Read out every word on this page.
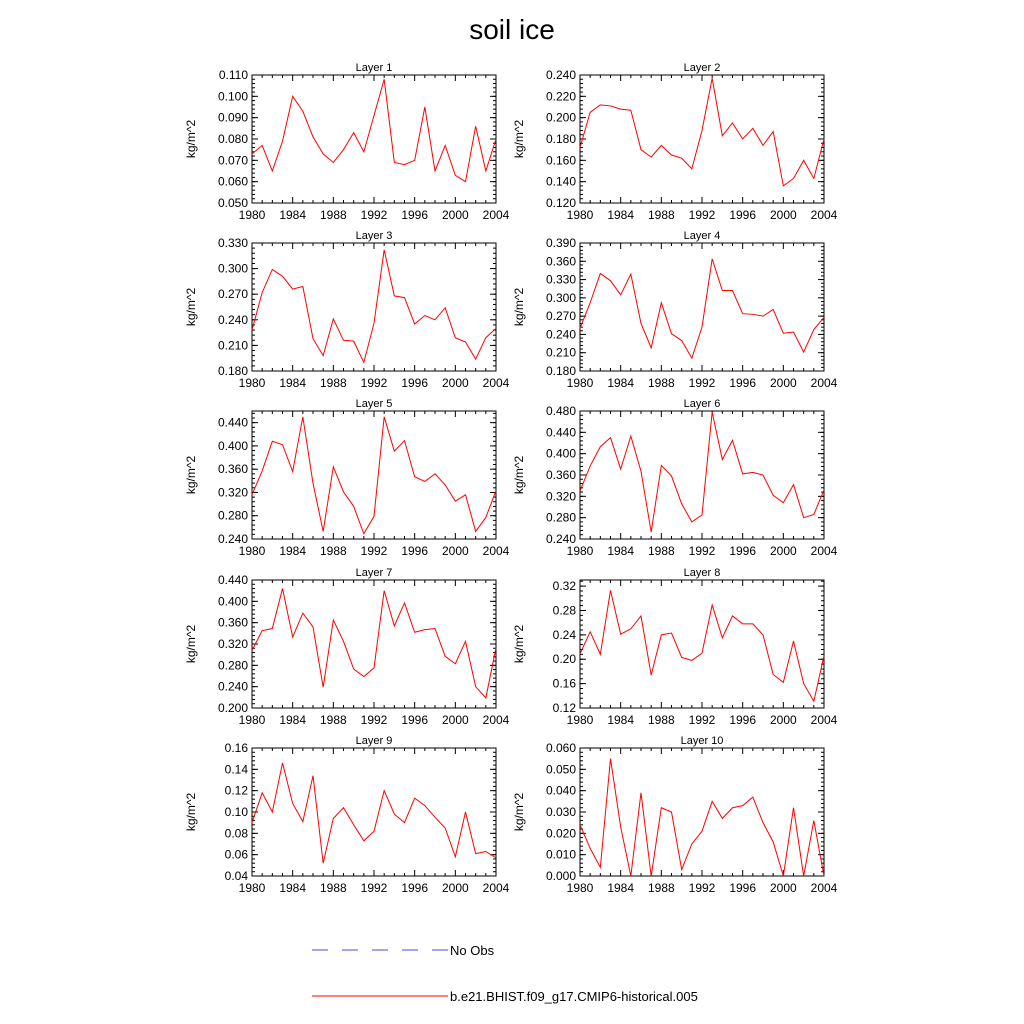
soil ice
Layer 1
kg/m^2
1980 1984 1988 1992 1996 2000 2004
0.050
0.060
0.070
0.080
0.090
0.100
0.110	Layer 2
kg/m^2
1980 1984 1988 1992 1996 2000 2004
0.120
0.140
0.160
0.180
0.200
0.220
0.240
Layer 3
kg/m^2
1980 1984 1988 1992 1996 2000 2004
0.180
0.210
0.240
0.270
0.300
0.330	Layer 4
kg/m^2
1980 1984 1988 1992 1996 2000 2004
0.180
0.210
0.240
0.270
0.300
0.330
0.360
0.390
Layer 5
kg/m^2
1980 1984 1988 1992 1996 2000 2004
0.240
0.280
0.320
0.360
0.400
0.440
Layer 6
kg/m^2
1980 1984 1988 1992 1996 2000 2004
0.240
0.280
0.320
0.360
0.400
0.440
0.480
Layer 7
kg/m^2
1980 1984 1988 1992 1996 2000 2004
0.200
0.240
0.280
0.320
0.360
0.400
0.440	Layer 8
kg/m^2
1980 1984 1988 1992 1996 2000 2004
0.12
0.16
0.20
0.24
0.28
0.32
Layer 9
kg/m^2
1980 1984 1988 1992 1996 2000 2004
0.04
0.06
0.08
0.10
0.12
0.14
0.16	Layer 10
kg/m^2
1980 1984 1988 1992 1996 2000 2004
0.000
0.010
0.020
0.030
0.040
0.050
0.060
No Obs
b.e21.BHIST.f09_g17.CMIP6-historical.005
